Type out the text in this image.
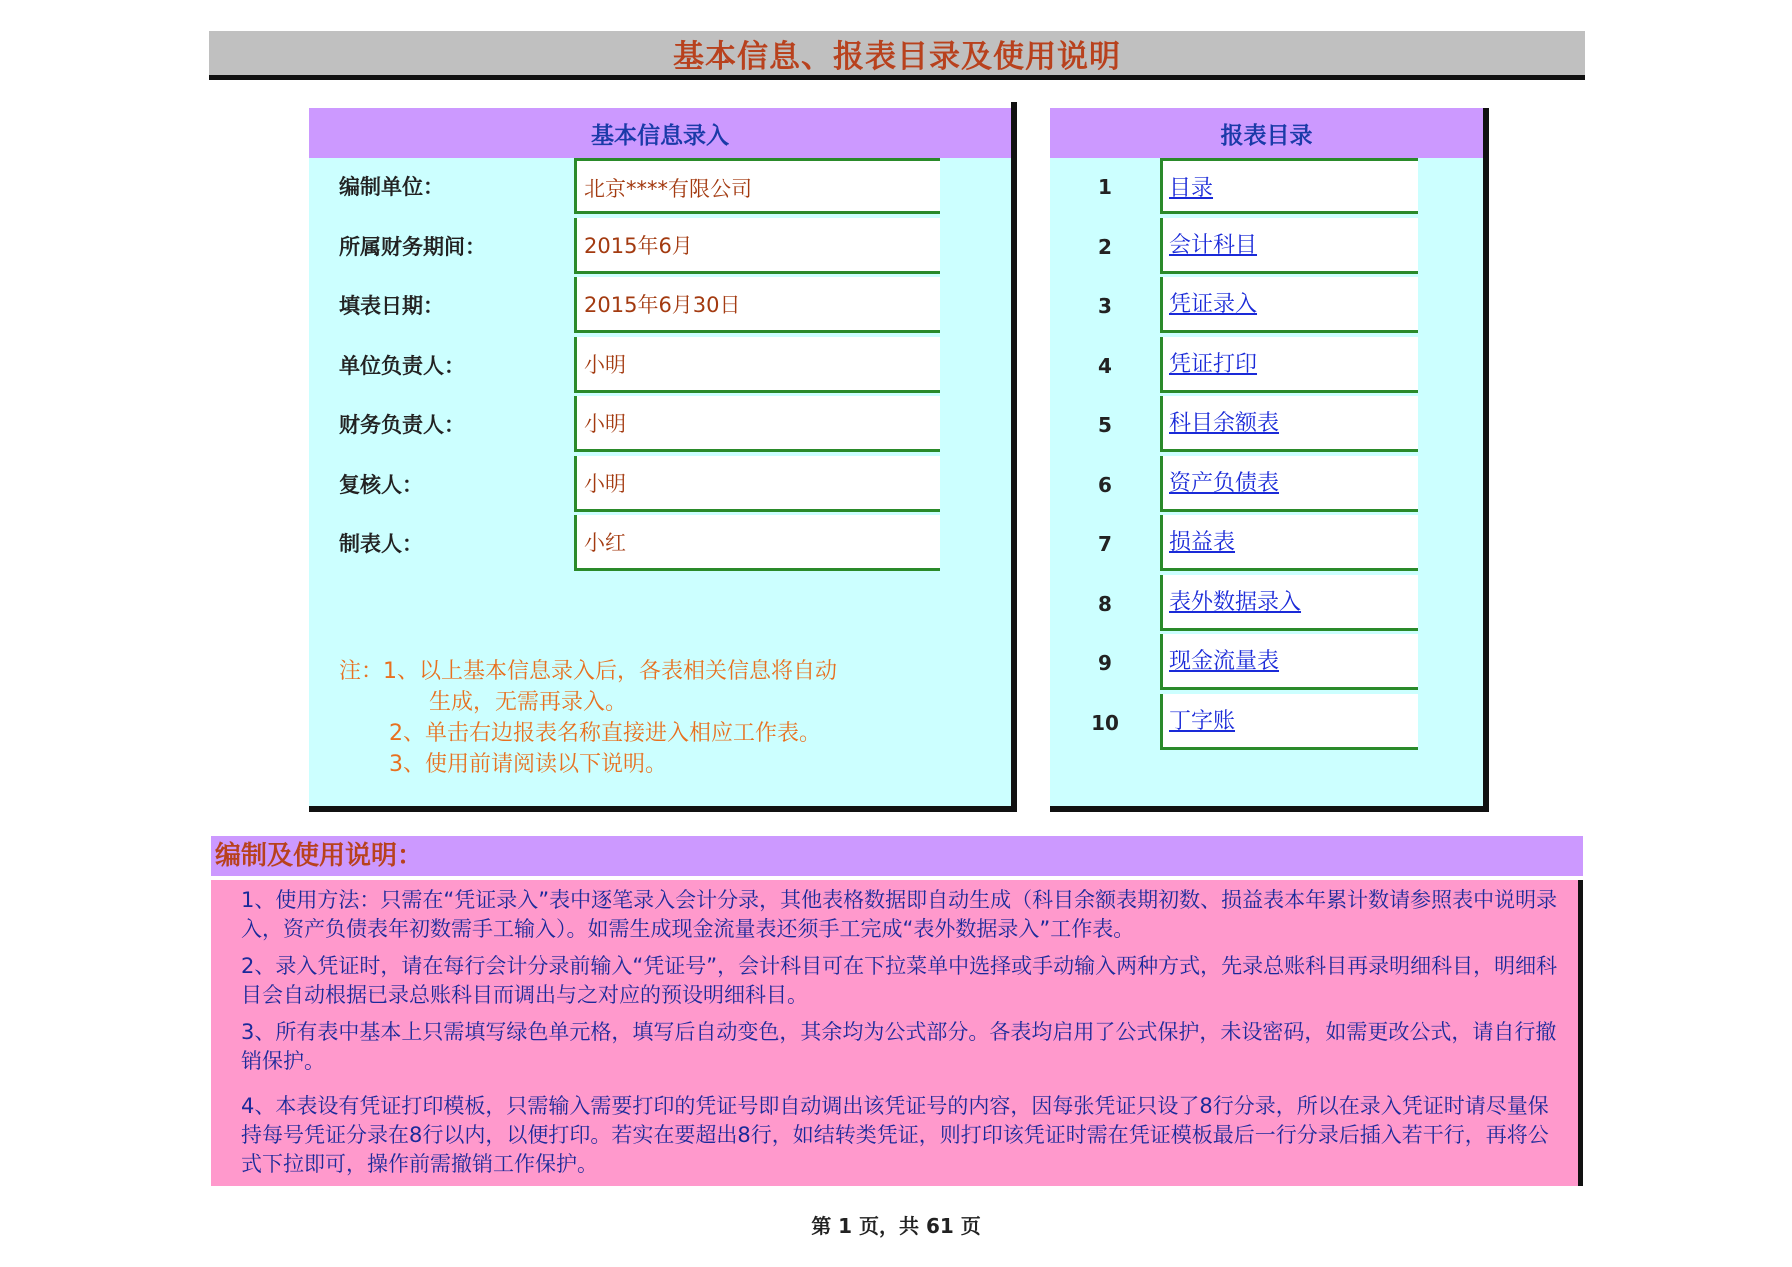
基本信息、报表目录及使用说明
基本信息录入
编制单位：	北京****有限公司
所属财务期间：	2015年6月
填表日期：	2015年6月30日
单位负责人：	小明
财务负责人：	小明
复核人：	小明
制表人：	小红
注：1、以上基本信息录入后，各表相关信息将自动
生成，无需再录入。
2、单击右边报表名称直接进入相应工作表。
3、使用前请阅读以下说明。
报表目录
1	目录
2	会计科目
3	凭证录入
4	凭证打印
5	科目余额表
6	资产负债表
7	损益表
8	表外数据录入
9	现金流量表
10	丁字账
编制及使用说明：

1、使用方法：只需在“凭证录入”表中逐笔录入会计分录，其他表格数据即自动生成（科目余额表期初数、损益表本年累计数请参照表中说明录入，资产负债表年初数需手工输入）。如需生成现金流量表还须手工完成“表外数据录入”工作表。

2、录入凭证时，请在每行会计分录前输入“凭证号”，会计科目可在下拉菜单中选择或手动输入两种方式，先录总账科目再录明细科目，明细科目会自动根据已录总账科目而调出与之对应的预设明细科目。

3、所有表中基本上只需填写绿色单元格，填写后自动变色，其余均为公式部分。各表均启用了公式保护，未设密码，如需更改公式，请自行撤销保护。

4、本表设有凭证打印模板，只需输入需要打印的凭证号即自动调出该凭证号的内容，因每张凭证只设了8行分录，所以在录入凭证时请尽量保持每号凭证分录在8行以内，以便打印。若实在要超出8行，如结转类凭证，则打印该凭证时需在凭证模板最后一行分录后插入若干行，再将公式下拉即可，操作前需撤销工作保护。

第 1 页，共 61 页
